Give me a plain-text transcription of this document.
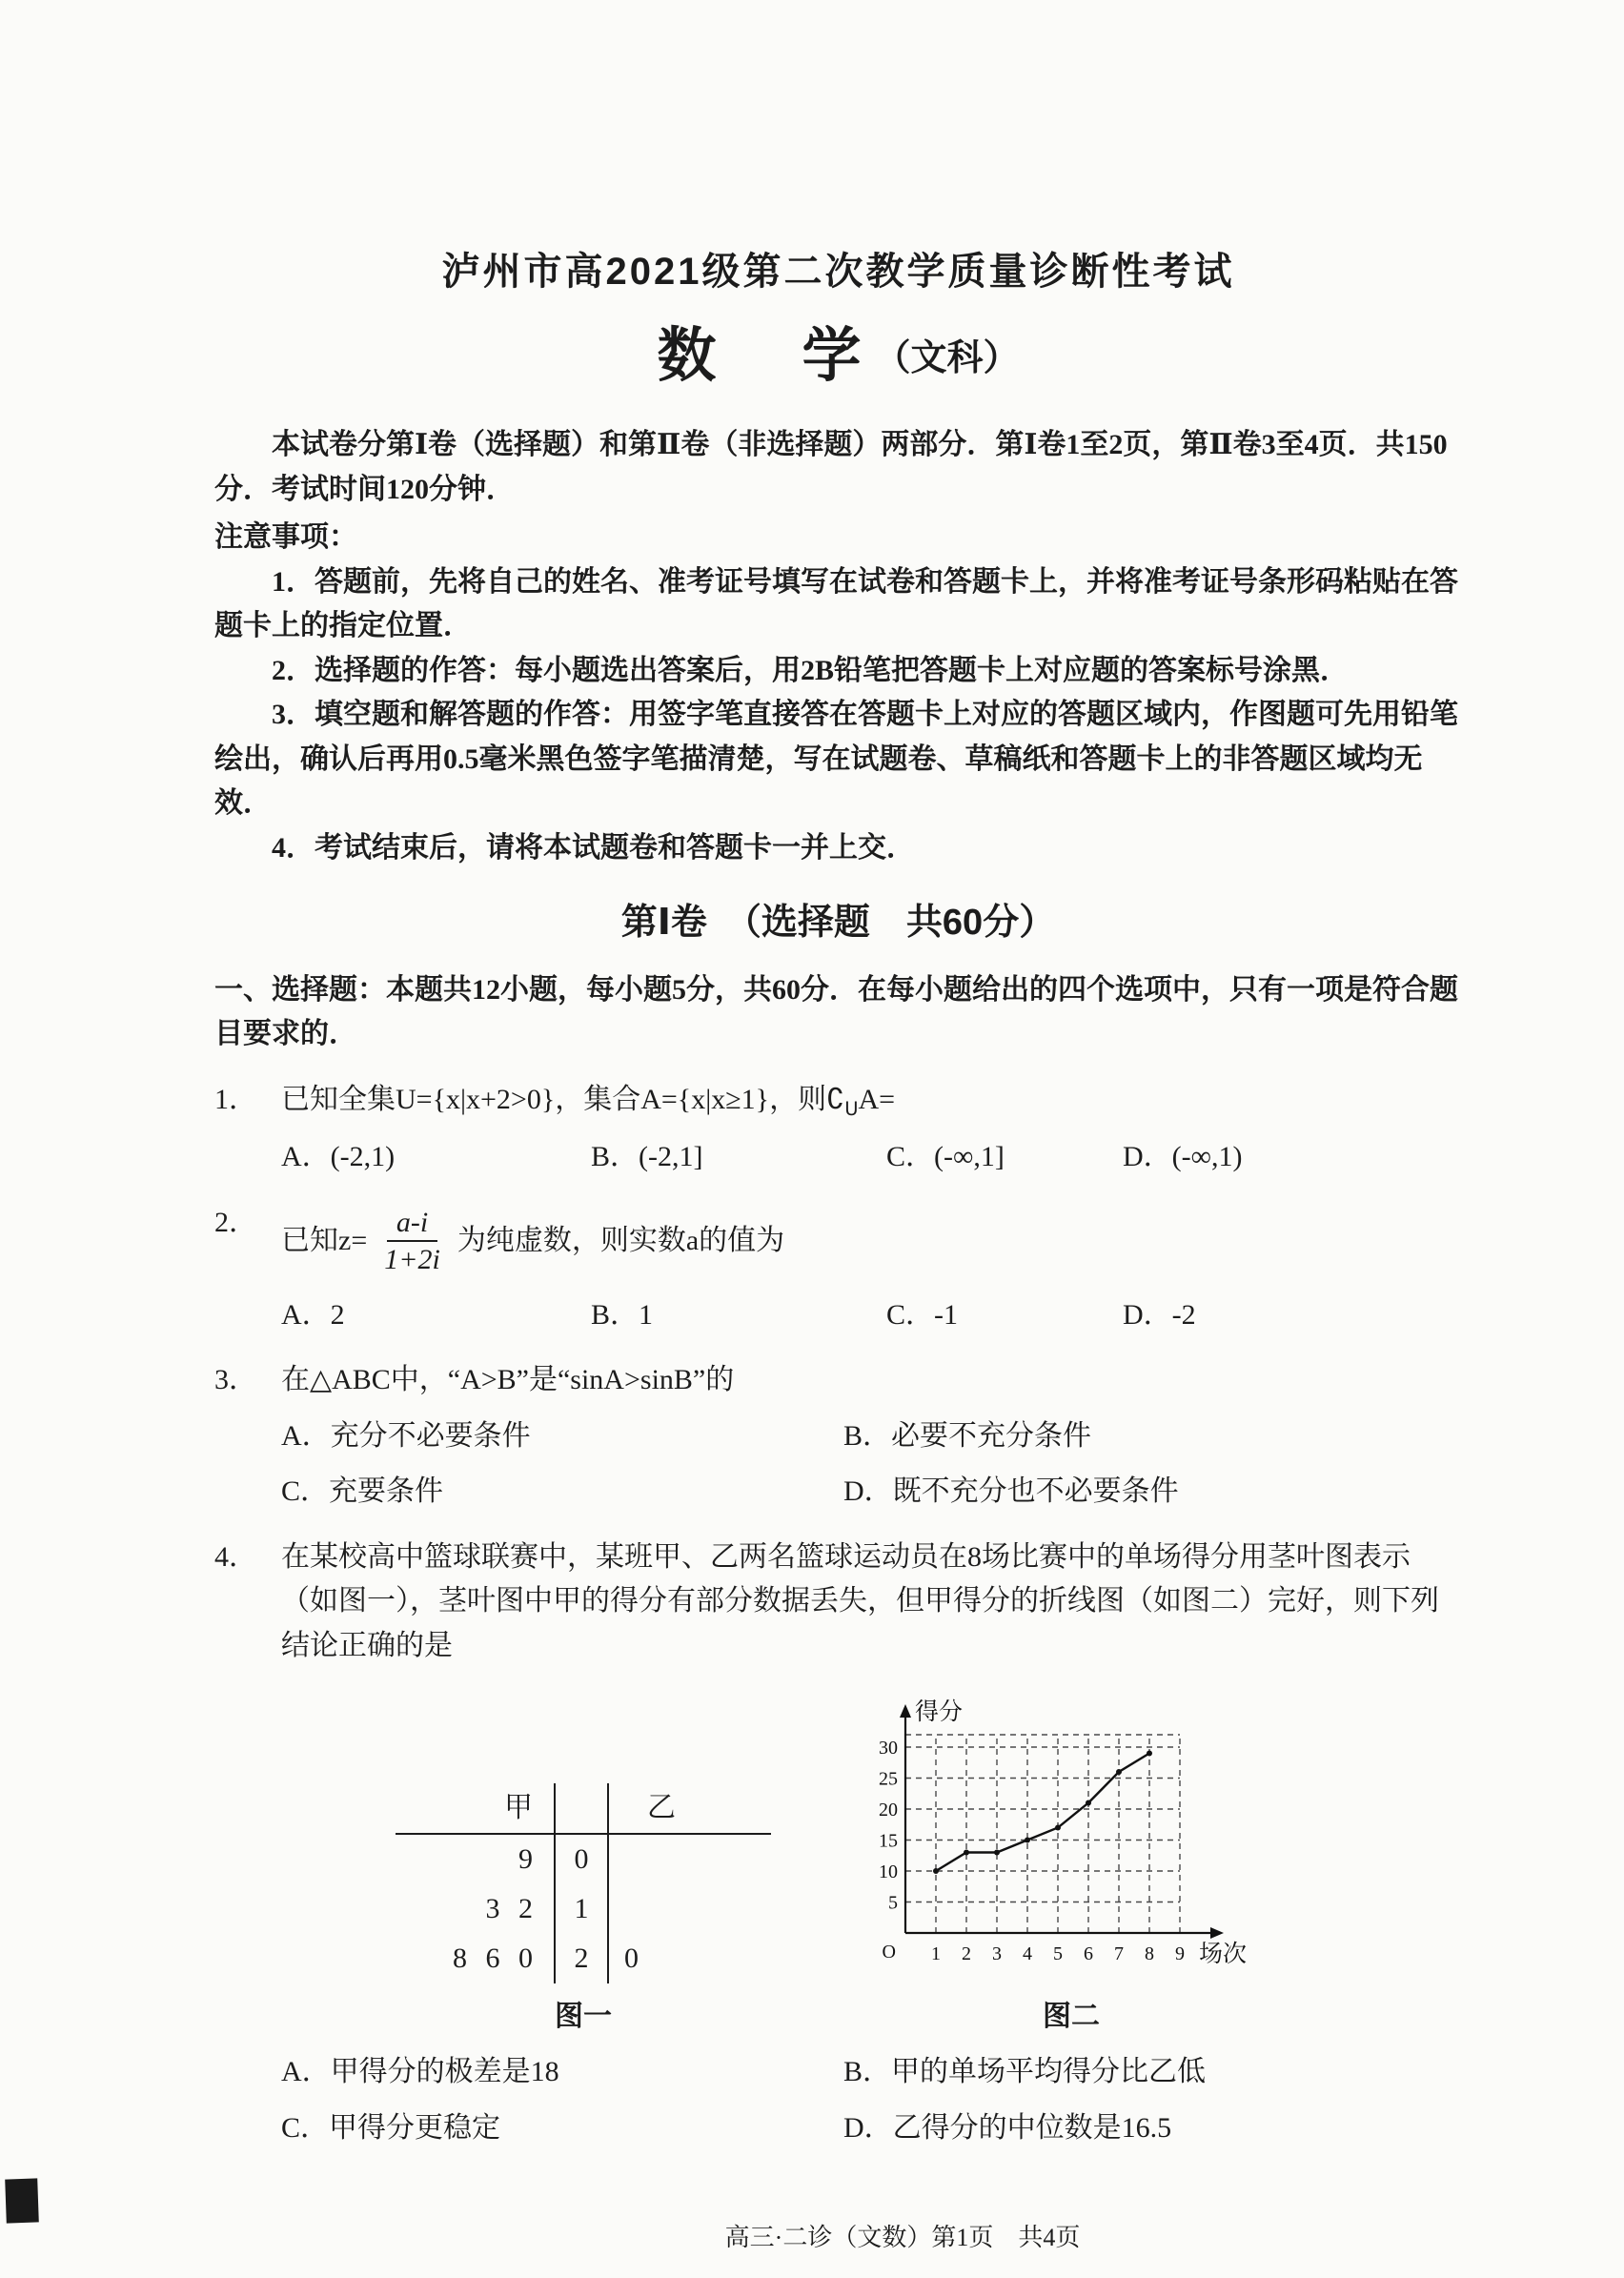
泸州市高2021级第二次教学质量诊断性考试
数　学（文科）

本试卷分第Ⅰ卷（选择题）和第Ⅱ卷（非选择题）两部分．第Ⅰ卷1至2页，第Ⅱ卷3至4页．共150分．考试时间120分钟．

注意事项：

1．答题前，先将自己的姓名、准考证号填写在试卷和答题卡上，并将准考证号条形码粘贴在答题卡上的指定位置．

2．选择题的作答：每小题选出答案后，用2B铅笔把答题卡上对应题的答案标号涂黑．

3．填空题和解答题的作答：用签字笔直接答在答题卡上对应的答题区域内，作图题可先用铅笔绘出，确认后再用0.5毫米黑色签字笔描清楚，写在试题卷、草稿纸和答题卡上的非答题区域均无效．

4．考试结束后，请将本试题卷和答题卡一并上交．

第Ⅰ卷　（选择题　共60分）

一、选择题：本题共12小题，每小题5分，共60分．在每小题给出的四个选项中，只有一项是符合题目要求的．

1． 已知全集U={x|x+2>0}，集合A={x|x≥1}，则$∁_UA=$
A．(-2,1)	B．(-2,1]	C．(-∞,1]	D．(-∞,1)
2．
已知$z= \frac{a-i}{1+2i}$ 为纯虚数，则实数a的值为
A．2	B．1	C．-1	D．-2
3． 在△ABC中，“A>B”是“sinA>sinB”的
A．充分不必要条件	B．必要不充分条件
C．充要条件	D．既不充分也不必要条件
4． 在某校高中篮球联赛中，某班甲、乙两名篮球运动员在8场比赛中的单场得分用茎叶图表示（如图一），茎叶图中甲的得分有部分数据丢失，但甲得分的折线图（如图二）完好，则下列结论正确的是
甲	乙
9	0
3 2	1
8 6 0	2	0
图一
5
10
15
20
25
30
1 2 3 4 5 6 7 8 9
O
得分
场次
图二
A．甲得分的极差是18	B．甲的单场平均得分比乙低
C．甲得分更稳定	D．乙得分的中位数是16.5
高三·二诊（文数）第1页　共4页
